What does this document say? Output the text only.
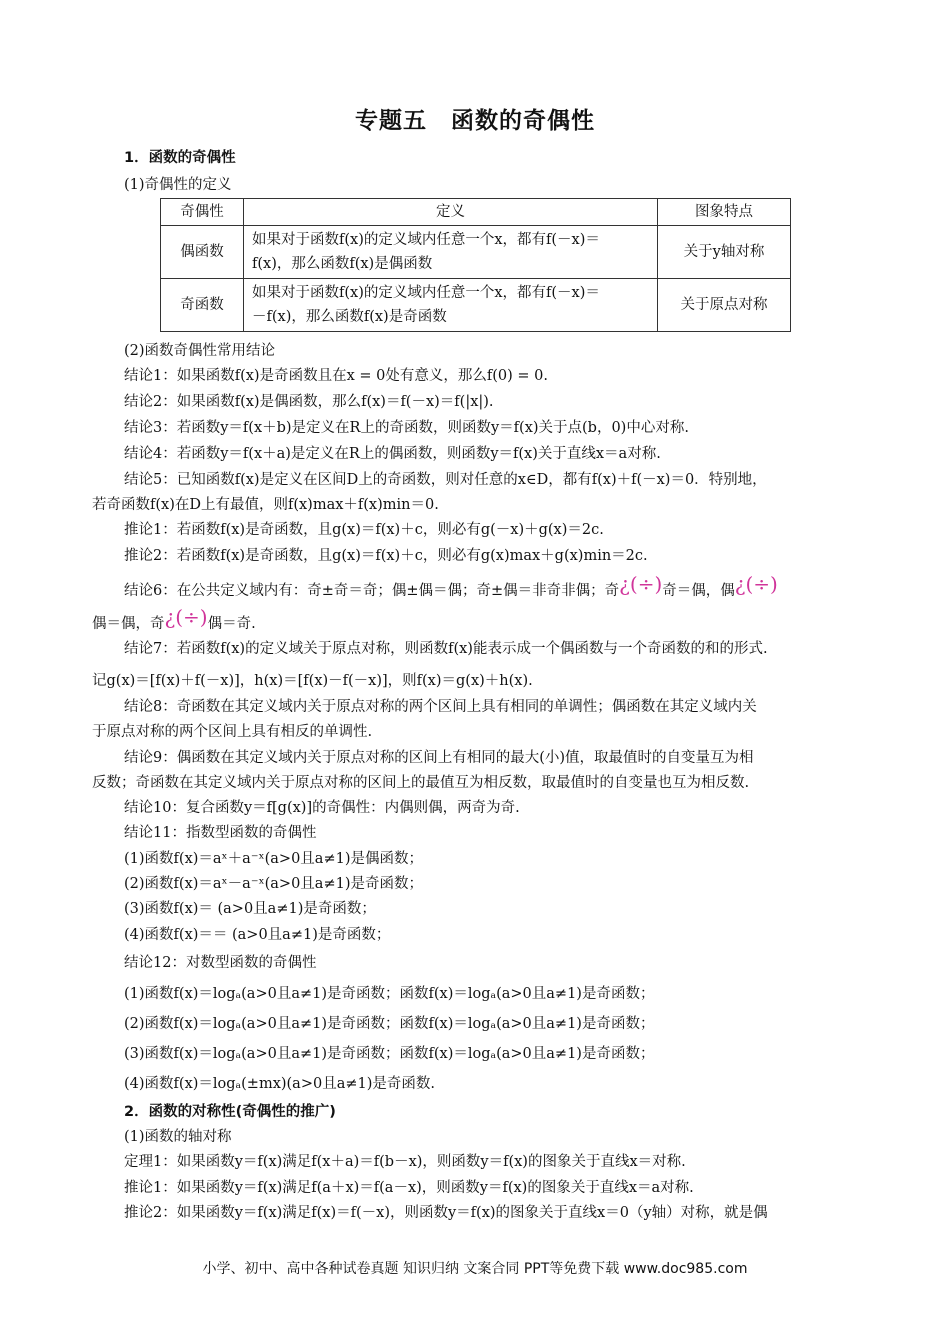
专题五　函数的奇偶性
1．函数的奇偶性
(1)奇偶性的定义
奇偶性	定义	图象特点
偶函数	如果对于函数f(x)的定义域内任意一个x，都有f(－x)＝
f(x)，那么函数f(x)是偶函数	关于y轴对称
奇函数	如果对于函数f(x)的定义域内任意一个x，都有f(－x)＝
－f(x)，那么函数f(x)是奇函数	关于原点对称
(2)函数奇偶性常用结论
结论1：如果函数f(x)是奇函数且在x = 0处有意义，那么f(0) = 0.
结论2：如果函数f(x)是偶函数，那么f(x)＝f(－x)＝f(|x|).
结论3：若函数y＝f(x＋b)是定义在R上的奇函数，则函数y＝f(x)关于点(b，0)中心对称.
结论4：若函数y＝f(x＋a)是定义在R上的偶函数，则函数y＝f(x)关于直线x＝a对称.
结论5：已知函数f(x)是定义在区间D上的奇函数，则对任意的x∈D，都有f(x)＋f(－x)＝0．特别地，
若奇函数f(x)在D上有最值，则f(x)max＋f(x)min＝0.
推论1：若函数f(x)是奇函数，且g(x)＝f(x)＋c，则必有g(－x)＋g(x)＝2c.
推论2：若函数f(x)是奇函数，且g(x)＝f(x)＋c，则必有g(x)max＋g(x)min＝2c.
结论6：在公共定义域内有：奇±奇＝奇；偶±偶＝偶；奇±偶＝非奇非偶；奇¿(÷)奇＝偶，偶¿(÷)
偶＝偶，奇¿(÷)偶＝奇.
结论7：若函数f(x)的定义域关于原点对称，则函数f(x)能表示成一个偶函数与一个奇函数的和的形式.
记g(x)＝[f(x)＋f(－x)]，h(x)＝[f(x)－f(－x)]，则f(x)＝g(x)＋h(x).
结论8：奇函数在其定义域内关于原点对称的两个区间上具有相同的单调性；偶函数在其定义域内关
于原点对称的两个区间上具有相反的单调性.
结论9：偶函数在其定义域内关于原点对称的区间上有相同的最大(小)值，取最值时的自变量互为相
反数；奇函数在其定义域内关于原点对称的区间上的最值互为相反数，取最值时的自变量也互为相反数.
结论10：复合函数y＝f[g(x)]的奇偶性：内偶则偶，两奇为奇.
结论11：指数型函数的奇偶性
(1)函数f(x)＝aˣ＋a⁻ˣ(a>0且a≠1)是偶函数；
(2)函数f(x)＝aˣ－a⁻ˣ(a>0且a≠1)是奇函数；
(3)函数f(x)＝ (a>0且a≠1)是奇函数；
(4)函数f(x)＝＝ (a>0且a≠1)是奇函数；
结论12：对数型函数的奇偶性
(1)函数f(x)＝logₐ(a>0且a≠1)是奇函数；函数f(x)＝logₐ(a>0且a≠1)是奇函数；
(2)函数f(x)＝logₐ(a>0且a≠1)是奇函数；函数f(x)＝logₐ(a>0且a≠1)是奇函数；
(3)函数f(x)＝logₐ(a>0且a≠1)是奇函数；函数f(x)＝logₐ(a>0且a≠1)是奇函数；
(4)函数f(x)＝logₐ(±mx)(a>0且a≠1)是奇函数.
2．函数的对称性(奇偶性的推广)
(1)函数的轴对称
定理1：如果函数y＝f(x)满足f(x＋a)＝f(b－x)，则函数y＝f(x)的图象关于直线x＝对称.
推论1：如果函数y＝f(x)满足f(a＋x)＝f(a－x)，则函数y＝f(x)的图象关于直线x＝a对称.
推论2：如果函数y＝f(x)满足f(x)＝f(－x)，则函数y＝f(x)的图象关于直线x＝0（y轴）对称，就是偶
小学、初中、高中各种试卷真题 知识归纳 文案合同 PPT等免费下载 www.doc985.com
